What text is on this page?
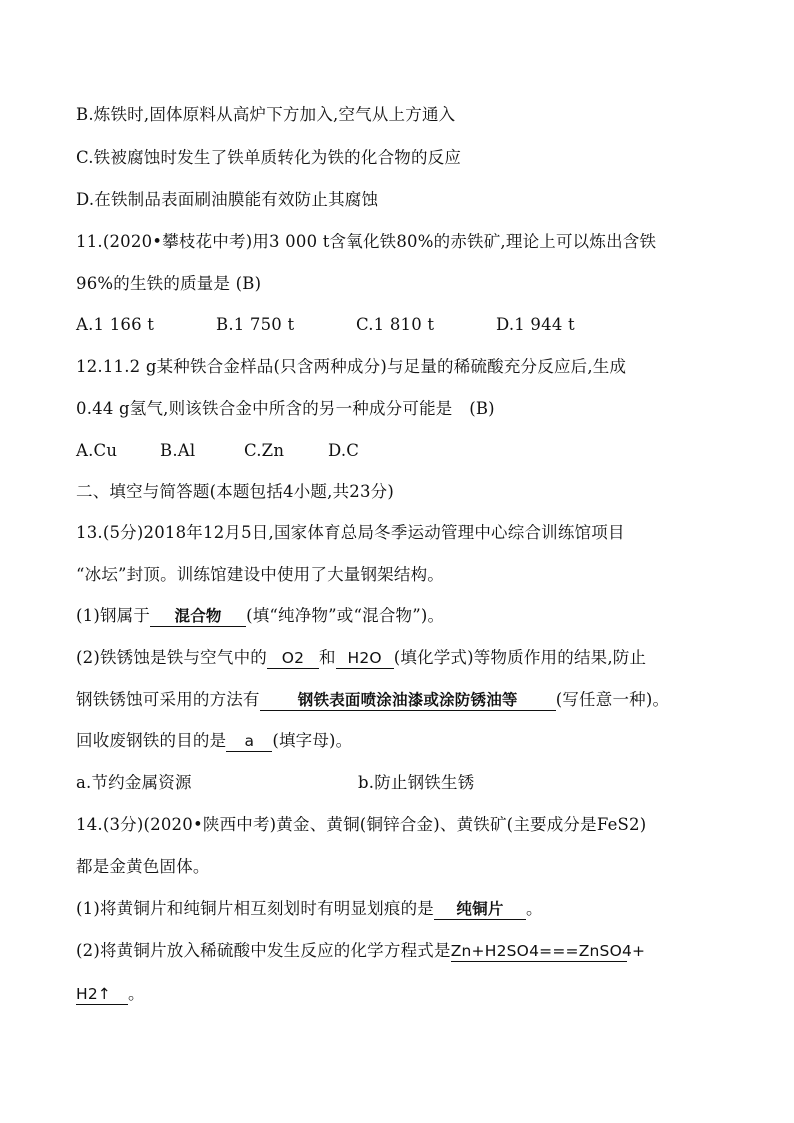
B.炼铁时,固体原料从高炉下方加入,空气从上方通入
C.铁被腐蚀时发生了铁单质转化为铁的化合物的反应
D.在铁制品表面刷油膜能有效防止其腐蚀
11.(2020•攀枝花中考)用3 000 t含氧化铁80%的赤铁矿,理论上可以炼出含铁
96%的生铁的质量是 (B)
A.1 166 t	B.1 750 t	C.1 810 t	D.1 944 t
12.11.2 g某种铁合金样品(只含两种成分)与足量的稀硫酸充分反应后,生成
0.44 g氢气,则该铁合金中所含的另一种成分可能是　(B)
A.Cu	B.Al	C.Zn	D.C
二、填空与简答题(本题包括4小题,共23分)
13.(5分)2018年12月5日,国家体育总局冬季运动管理中心综合训练馆项目
“冰坛”封顶。训练馆建设中使用了大量钢架结构。
(1)钢属于 混合物 (填“纯净物”或“混合物”)。
(2)铁锈蚀是铁与空气中的 O2 和 H2O (填化学式)等物质作用的结果,防止
钢铁锈蚀可采用的方法有 钢铁表面喷涂油漆或涂防锈油等 (写任意一种)。
回收废钢铁的目的是 a (填字母)。
a.节约金属资源	b.防止钢铁生锈
14.(3分)(2020•陕西中考)黄金、黄铜(铜锌合金)、黄铁矿(主要成分是FeS2)
都是金黄色固体。
(1)将黄铜片和纯铜片相互刻划时有明显划痕的是 纯铜片 。
(2)将黄铜片放入稀硫酸中发生反应的化学方程式是Zn+H2SO4===ZnSO4+
H2↑ 。
